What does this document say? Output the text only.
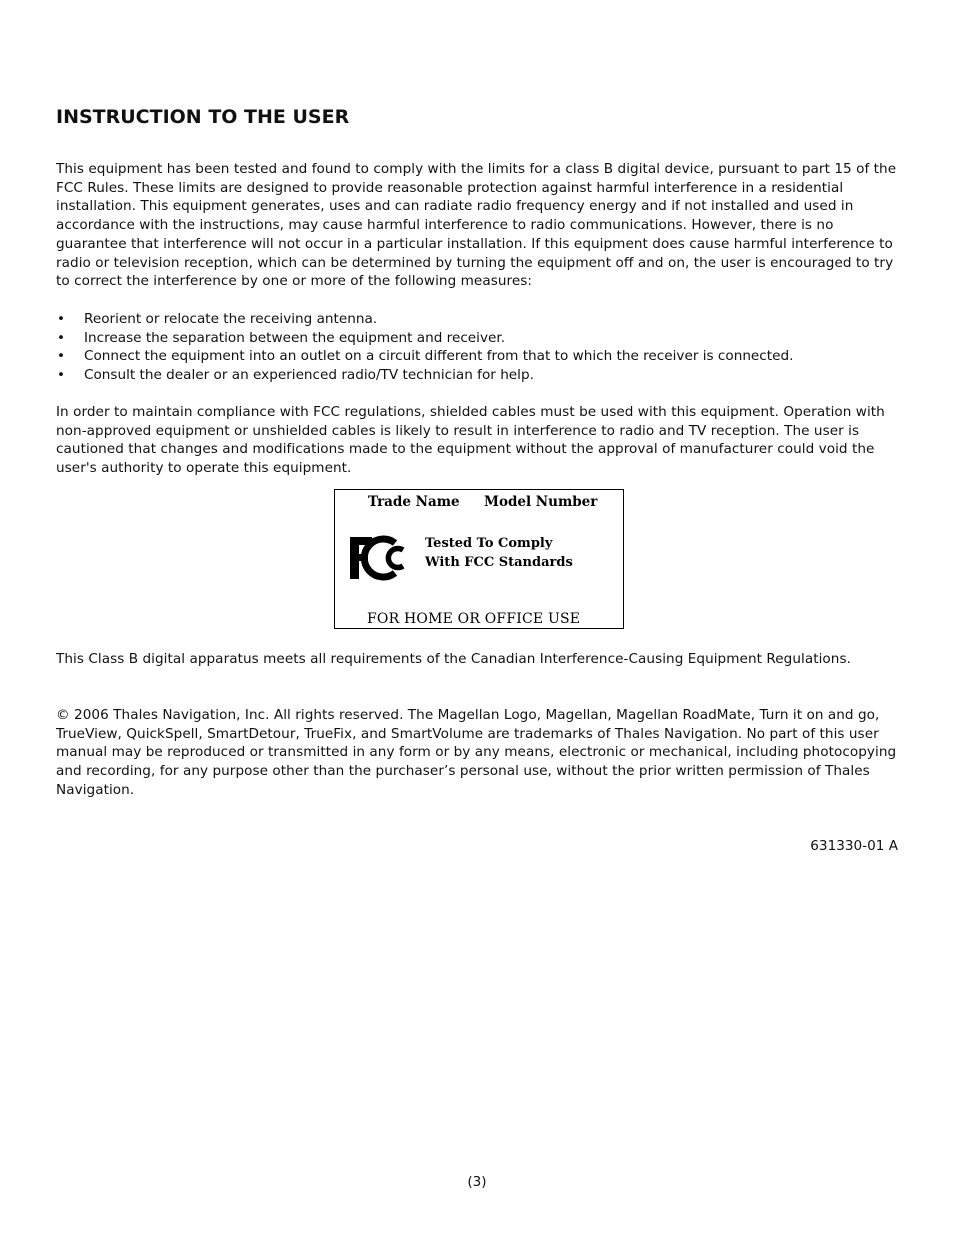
INSTRUCTION TO THE USER

This equipment has been tested and found to comply with the limits for a class B digital device, pursuant to part 15 of the FCC Rules. These limits are designed to provide reasonable protection against harmful interference in a residential installation. This equipment generates, uses and can radiate radio frequency energy and if not installed and used in accordance with the instructions, may cause harmful interference to radio communications. However, there is no guarantee that interference will not occur in a particular installation. If this equipment does cause harmful interference to radio or television reception, which can be determined by turning the equipment off and on, the user is encouraged to try to correct the interference by one or more of the following measures:

• Reorient or relocate the receiving antenna.
• Increase the separation between the equipment and receiver.
• Connect the equipment into an outlet on a circuit different from that to which the receiver is connected.
• Consult the dealer or an experienced radio/TV technician for help.

In order to maintain compliance with FCC regulations, shielded cables must be used with this equipment. Operation with non-approved equipment or unshielded cables is likely to result in interference to radio and TV reception. The user is cautioned that changes and modifications made to the equipment without the approval of manufacturer could void the user's authority to operate this equipment.

Trade Name Model Number
Tested To Comply
With FCC Standards
FOR HOME OR OFFICE USE

This Class B digital apparatus meets all requirements of the Canadian Interference-Causing Equipment Regulations.

© 2006 Thales Navigation, Inc. All rights reserved. The Magellan Logo, Magellan, Magellan RoadMate, Turn it on and go, TrueView, QuickSpell, SmartDetour, TrueFix, and SmartVolume are trademarks of Thales Navigation. No part of this user manual may be reproduced or transmitted in any form or by any means, electronic or mechanical, including photocopying and recording, for any purpose other than the purchaser’s personal use, without the prior written permission of Thales Navigation.

631330-01 A
(3)
